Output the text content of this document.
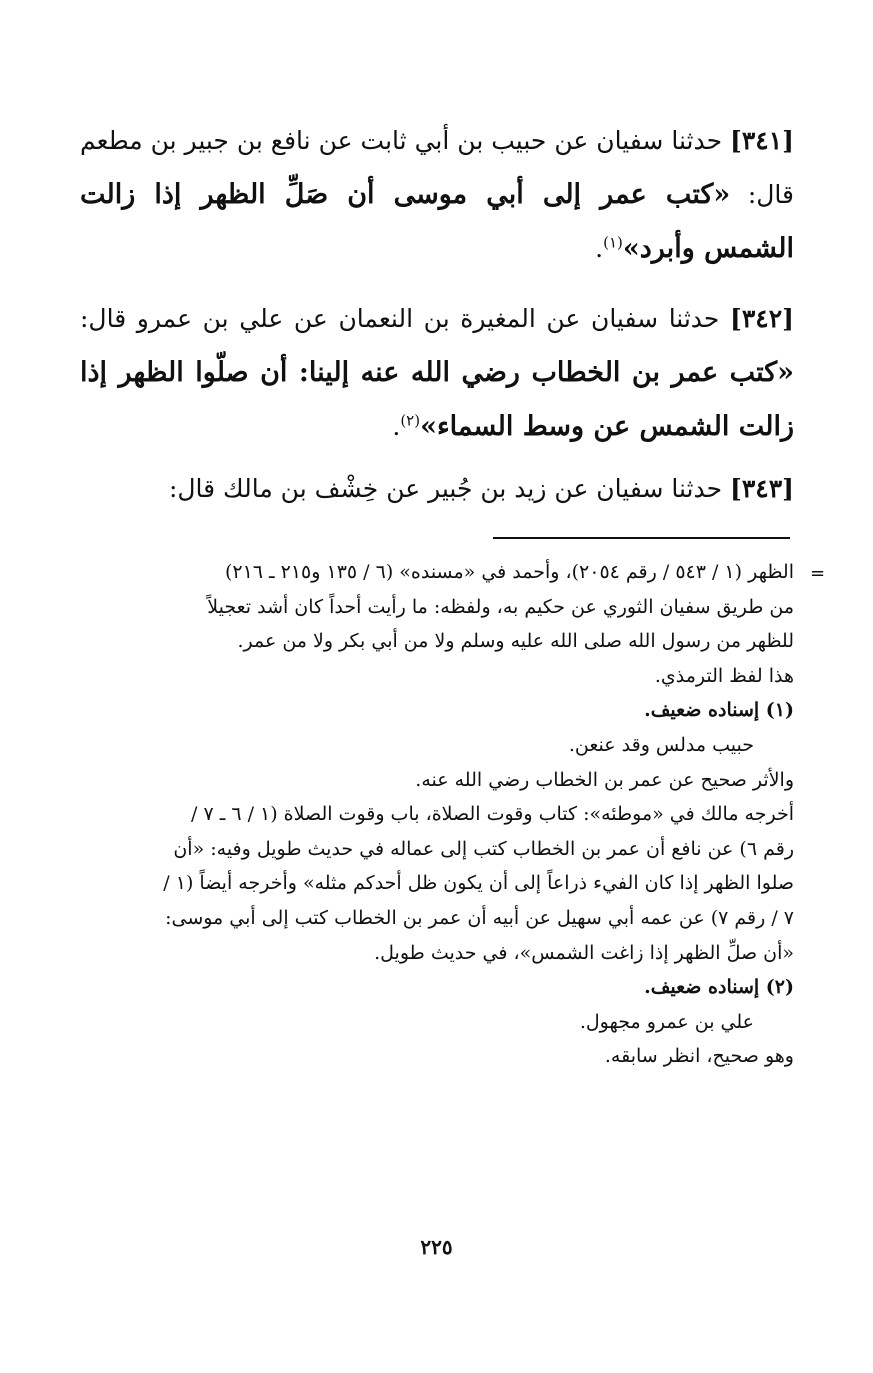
[٣٤١] حدثنا سفيان عن حبيب بن أبي ثابت عن نافع بن جبير بن مطعم قال: «كتب عمر إلى أبي موسى أن صَلِّ الظهر إذا زالت الشمس وأبرد»$^{(١)}$.

[٣٤٢] حدثنا سفيان عن المغيرة بن النعمان عن علي بن عمرو قال: «كتب عمر بن الخطاب رضي الله عنه إلينا: أن صلّوا الظهر إذا زالت الشمس عن وسط السماء»$^{(٢)}$.

[٣٤٣] حدثنا سفيان عن زيد بن جُبير عن خِشْف بن مالك قال:

=

الظهر (١ / ٥٤٣ / رقم ٢٠٥٤)، وأحمد في «مسنده» (٦ / ١٣٥ و٢١٥ ـ ٢١٦)

من طريق سفيان الثوري عن حكيم به، ولفظه: ما رأيت أحداً كان أشد تعجيلاً

للظهر من رسول الله صلى الله عليه وسلم ولا من أبي بكر ولا من عمر.

هذا لفظ الترمذي.

(١) إسناده ضعيف.

حبيب مدلس وقد عنعن.

والأثر صحيح عن عمر بن الخطاب رضي الله عنه.

أخرجه مالك في «موطئه»: كتاب وقوت الصلاة، باب وقوت الصلاة (١ / ٦ ـ ٧ /

رقم ٦) عن نافع أن عمر بن الخطاب كتب إلى عماله في حديث طويل وفيه: «أن

صلوا الظهر إذا كان الفيء ذراعاً إلى أن يكون ظل أحدكم مثله» وأخرجه أيضاً (١ /

٧ / رقم ٧) عن عمه أبي سهيل عن أبيه أن عمر بن الخطاب كتب إلى أبي موسى:

«أن صلِّ الظهر إذا زاغت الشمس»، في حديث طويل.

(٢) إسناده ضعيف.

علي بن عمرو مجهول.

وهو صحيح، انظر سابقه.

٢٢٥
